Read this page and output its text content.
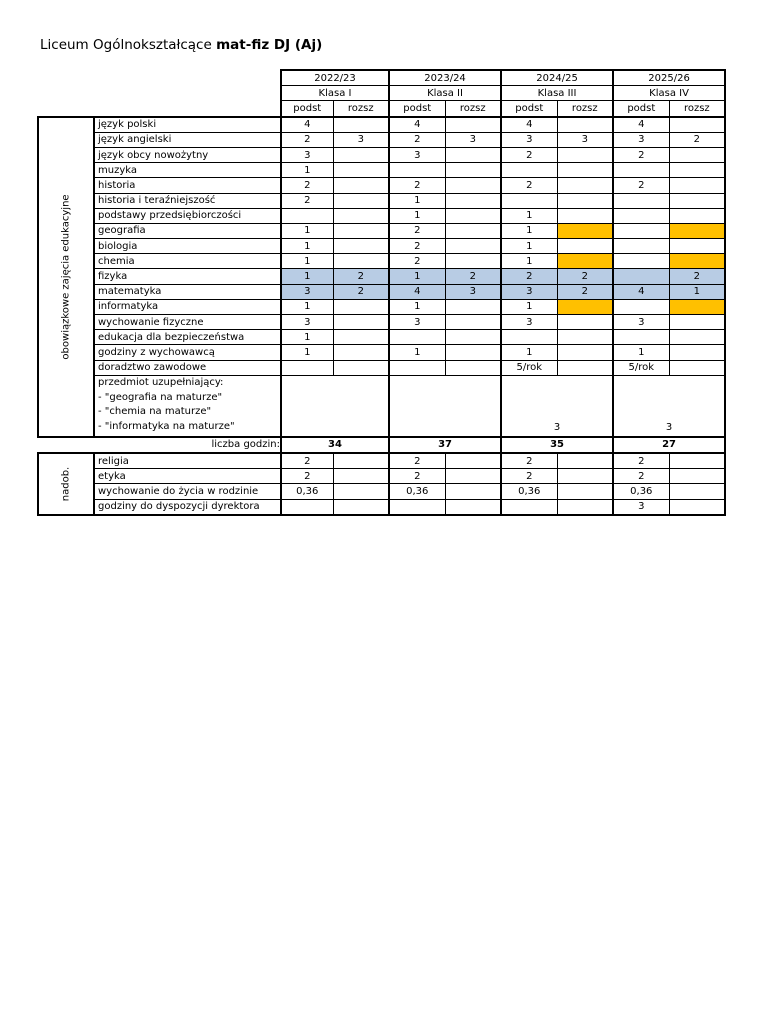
Liceum Ogólnokształcące mat-fiz DJ (Aj)
		2022/23		2023/24		2024/25		2025/26	
		Klasa I		Klasa II		Klasa III		Klasa IV	
		podst	rozsz	podst	rozsz	podst	rozsz	podst	rozsz

obowiązkowe zajęcia edukacyjne	język polski	4		4		4		4	
	język angielski	2	3	2	3	3	3	3	2
	język obcy nowożytny	3		3		2		2	
	muzyka	1							
	historia	2		2		2		2	
	historia i teraźniejszość	2		1					
	podstawy przedsiębiorczości			1		1			
	geografia	1		2		1			
	biologia	1		2		1			
	chemia	1		2		1			
	fizyka	1	2	1	2	2	2		2
	matematyka	3	2	4	3	3	2	4	1
	informatyka	1		1		1			
	wychowanie fizyczne	3		3		3		3	
	edukacja dla bezpieczeństwa	1							
	godziny z wychowawcą	1		1		1		1	
	doradztwo zawodowe					5/rok		5/rok	

	przedmiot uzupełniający:
- "geografia na maturze"
- "chemia na maturze"
- "informatyka na maturze"					3		3	
liczba godzin:		34		37		35		27	

nadob.	religia	2		2		2		2	
	etyka	2		2		2		2	
	wychowanie do życia w rodzinie	0,36		0,36		0,36		0,36	
	godziny do dyspozycji dyrektora							3	
